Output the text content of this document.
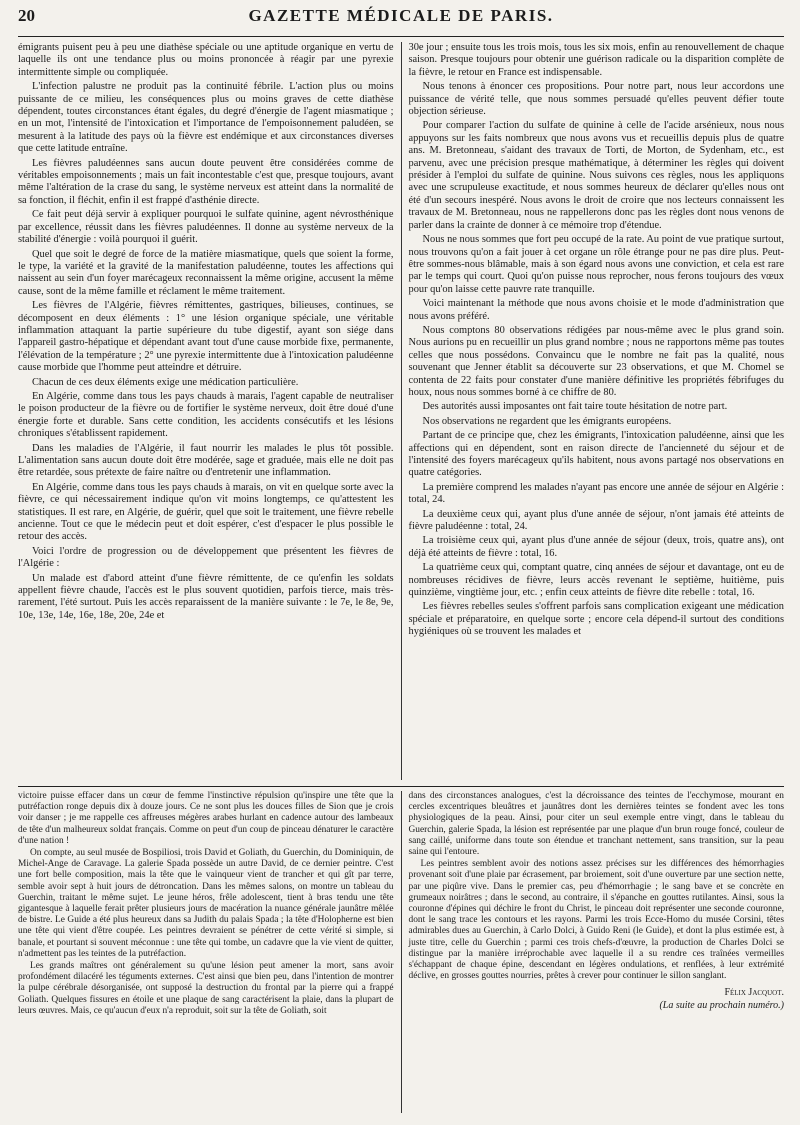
20	GAZETTE MÉDICALE DE PARIS.

émigrants puisent peu à peu une diathèse spéciale ou une aptitude organique en vertu de laquelle ils ont une tendance plus ou moins prononcée à réagir par une pyrexie intermittente simple ou compliquée.

L'infection palustre ne produit pas la continuité fébrile. L'action plus ou moins puissante de ce milieu, les conséquences plus ou moins graves de cette diathèse dépendent, toutes circonstances étant égales, du degré d'énergie de l'agent miasmatique ; en un mot, l'intensité de l'intoxication et l'importance de l'empoisonnement paludéen, se mesurent à la latitude des pays où la fièvre est endémique et aux circonstances diverses que cette latitude entraîne.

Les fièvres paludéennes sans aucun doute peuvent être considérées comme de véritables empoisonnements ; mais un fait incontestable c'est que, presque toujours, avant même l'altération de la crase du sang, le système nerveux est atteint dans la normalité de sa fonction, il fléchit, enfin il est frappé d'asthénie directe.

Ce fait peut déjà servir à expliquer pourquoi le sulfate quinine, agent névrosthénique par excellence, réussit dans les fièvres paludéennes. Il donne au système nerveux de la stabilité d'énergie : voilà pourquoi il guérit.

Quel que soit le degré de force de la matière miasmatique, quels que soient la forme, le type, la variété et la gravité de la manifestation paludéenne, toutes les affections qui naissent au sein d'un foyer marécageux reconnaissent la même origine, accusent la même cause, sont de la même famille et réclament le même traitement.

Les fièvres de l'Algérie, fièvres rémittentes, gastriques, bilieuses, continues, se décomposent en deux éléments : 1° une lésion organique spéciale, une véritable inflammation attaquant la partie supérieure du tube digestif, ayant son siége dans l'appareil gastro-hépatique et dépendant avant tout d'une cause morbide fixe, permanente, l'élévation de la température ; 2° une pyrexie intermittente due à l'intoxication paludéenne cause morbide que l'homme peut atteindre et détruire.

Chacun de ces deux éléments exige une médication particulière.

En Algérie, comme dans tous les pays chauds à marais, l'agent capable de neutraliser le poison producteur de la fièvre ou de fortifier le système nerveux, doit être doué d'une énergie forte et durable. Sans cette condition, les accidents consécutifs et les lésions chroniques s'établissent rapidement.

Dans les maladies de l'Algérie, il faut nourrir les malades le plus tôt possible. L'alimentation sans aucun doute doit être modérée, sage et graduée, mais elle ne doit pas être retardée, sous prétexte de faire naître ou d'entretenir une inflammation.

En Algérie, comme dans tous les pays chauds à marais, on vit en quelque sorte avec la fièvre, ce qui nécessairement indique qu'on vit moins longtemps, ce qu'attestent les statistiques. Il est rare, en Algérie, de guérir, quel que soit le traitement, une fièvre rebelle ancienne. Tout ce que le médecin peut et doit espérer, c'est d'espacer le plus possible le retour des accès.

Voici l'ordre de progression ou de développement que présentent les fièvres de l'Algérie :

Un malade est d'abord atteint d'une fièvre rémittente, de ce qu'enfin les soldats appellent fièvre chaude, l'accès est le plus souvent quotidien, parfois tierce, mais très-rarement, l'été surtout. Puis les accès reparaissent de la manière suivante : le 7e, le 8e, 9e, 10e, 13e, 14e, 16e, 18e, 20e, 24e et

30e jour ; ensuite tous les trois mois, tous les six mois, enfin au renouvellement de chaque saison. Presque toujours pour obtenir une guérison radicale ou la disparition complète de la fièvre, le retour en France est indispensable.

Nous tenons à énoncer ces propositions. Pour notre part, nous leur accordons une puissance de vérité telle, que nous sommes persuadé qu'elles peuvent défier toute objection sérieuse.

Pour comparer l'action du sulfate de quinine à celle de l'acide arsénieux, nous nous appuyons sur les faits nombreux que nous avons vus et recueillis depuis plus de quatre ans. M. Bretonneau, s'aidant des travaux de Torti, de Morton, de Sydenham, etc., est parvenu, avec une précision presque mathématique, à déterminer les règles qui doivent présider à l'emploi du sulfate de quinine. Nous suivons ces règles, nous les appliquons avec une scrupuleuse exactitude, et nous sommes heureux de déclarer qu'elles nous ont été d'un secours inespéré. Nous avons le droit de croire que nos lecteurs connaissent les travaux de M. Bretonneau, nous ne rappellerons donc pas les règles dont nous venons de parler dans la crainte de donner à ce mémoire trop d'étendue.

Nous ne nous sommes que fort peu occupé de la rate. Au point de vue pratique surtout, nous trouvons qu'on a fait jouer à cet organe un rôle étrange pour ne pas dire plus. Peut-être sommes-nous blâmable, mais à son égard nous avons une conviction, et cela est rare par le temps qui court. Quoi qu'on puisse nous reprocher, nous ferons toujours des vœux pour qu'on laisse cette pauvre rate tranquille.

Voici maintenant la méthode que nous avons choisie et le mode d'administration que nous avons préféré.

Nous comptons 80 observations rédigées par nous-même avec le plus grand soin. Nous aurions pu en recueillir un plus grand nombre ; nous ne rapportons même pas toutes celles que nous possédons. Convaincu que le nombre ne fait pas la qualité, nous souvenant que Jenner établit sa découverte sur 23 observations, et que M. Chomel se contenta de 22 faits pour constater d'une manière définitive les propriétés fébrifuges du houx, nous nous sommes borné à ce chiffre de 80.

Des autorités aussi imposantes ont fait taire toute hésitation de notre part.

Nos observations ne regardent que les émigrants européens.

Partant de ce principe que, chez les émigrants, l'intoxication paludéenne, ainsi que les affections qui en dépendent, sont en raison directe de l'ancienneté du séjour et de l'intensité des foyers marécageux qu'ils habitent, nous avons partagé nos observations en quatre catégories.

La première comprend les malades n'ayant pas encore une année de séjour en Algérie : total, 24.

La deuxième ceux qui, ayant plus d'une année de séjour, n'ont jamais été atteints de fièvre paludéenne : total, 24.

La troisième ceux qui, ayant plus d'une année de séjour (deux, trois, quatre ans), ont déjà été atteints de fièvre : total, 16.

La quatrième ceux qui, comptant quatre, cinq années de séjour et davantage, ont eu de nombreuses récidives de fièvre, leurs accès revenant le septième, huitième, puis quinzième, vingtième jour, etc. ; enfin ceux atteints de fièvre dite rebelle : total, 16.

Les fièvres rebelles seules s'offrent parfois sans complication exigeant une médication spéciale et préparatoire, en quelque sorte ; encore cela dépend-il surtout des conditions hygiéniques où se trouvent les malades et

victoire puisse effacer dans un cœur de femme l'instinctive répulsion qu'inspire une tête que la putréfaction ronge depuis dix à douze jours. Ce ne sont plus les douces filles de Sion que je crois voir danser ; je me rappelle ces affreuses mégères arabes hurlant en cadence autour des lambeaux de tête d'un malheureux soldat français. Comme on peut d'un coup de pinceau dénaturer le caractère d'une nation !

On compte, au seul musée de Bospiliosi, trois David et Goliath, du Guerchin, du Dominiquin, de Michel-Ange de Caravage. La galerie Spada possède un autre David, de ce dernier peintre. C'est une fort belle composition, mais la tête que le vainqueur vient de trancher et qui gît par terre, semble avoir sept à huit jours de détroncation. Dans les mêmes salons, on montre un tableau du Guerchin, traitant le même sujet. Le jeune héros, frêle adolescent, tient à bras tendu une tête gigantesque à laquelle ferait prêter plusieurs jours de macération la nuance générale jaunâtre mêlée de bistre. Le Guide a été plus heureux dans sa Judith du palais Spada ; la tête d'Holopherne est bien une tête qui vient d'être coupée. Les peintres devraient se pénétrer de cette vérité si simple, si banale, et pourtant si souvent méconnue : une tête qui tombe, un cadavre que la vie vient de quitter, n'admettent pas les teintes de la putréfaction.

Les grands maîtres ont généralement su qu'une lésion peut amener la mort, sans avoir profondément dilacéré les téguments externes. C'est ainsi que bien peu, dans l'intention de montrer la pulpe cérébrale désorganisée, ont supposé la destruction du frontal par la pierre qui a frappé Goliath. Quelques fissures en étoile et une plaque de sang caractérisent la plaie, dans la plupart de leurs œuvres. Mais, ce qu'aucun d'eux n'a reproduit, soit sur la tête de Goliath, soit

dans des circonstances analogues, c'est la décroissance des teintes de l'ecchymose, mourant en cercles excentriques bleuâtres et jaunâtres dont les dernières teintes se fondent avec les tons physiologiques de la peau. Ainsi, pour citer un seul exemple entre vingt, dans le tableau du Guerchin, galerie Spada, la lésion est représentée par une plaque d'un brun rouge foncé, couleur de sang caillé, uniforme dans toute son étendue et tranchant nettement, sans transition, sur la peau saine qui l'entoure.

Les peintres semblent avoir des notions assez précises sur les différences des hémorrhagies provenant soit d'une plaie par écrasement, par broiement, soit d'une ouverture par une section nette, par une piqûre vive. Dans le premier cas, peu d'hémorrhagie ; le sang bave et se concrète en grumeaux noirâtres ; dans le second, au contraire, il s'épanche en gouttes rutilantes. Ainsi, sous la couronne d'épines qui déchire le front du Christ, le pinceau doit représenter une seconde couronne, dont le sang trace les contours et les rayons. Parmi les trois Ecce-Homo du musée Corsini, têtes admirables dues au Guerchin, à Carlo Dolci, à Guido Reni (le Guide), et dont la plus estimée est, à juste titre, celle du Guerchin ; parmi ces trois chefs-d'œuvre, la production de Charles Dolci se distingue par la manière irréprochable avec laquelle il a su rendre ces traînées vermeilles s'échappant de chaque épine, descendant en légères ondulations, et renflées, à leur extrémité déclive, en grosses gouttes nourries, prêtes à crever pour continuer le sillon sanglant.

Félix Jacquot.
(La suite au prochain numéro.)
